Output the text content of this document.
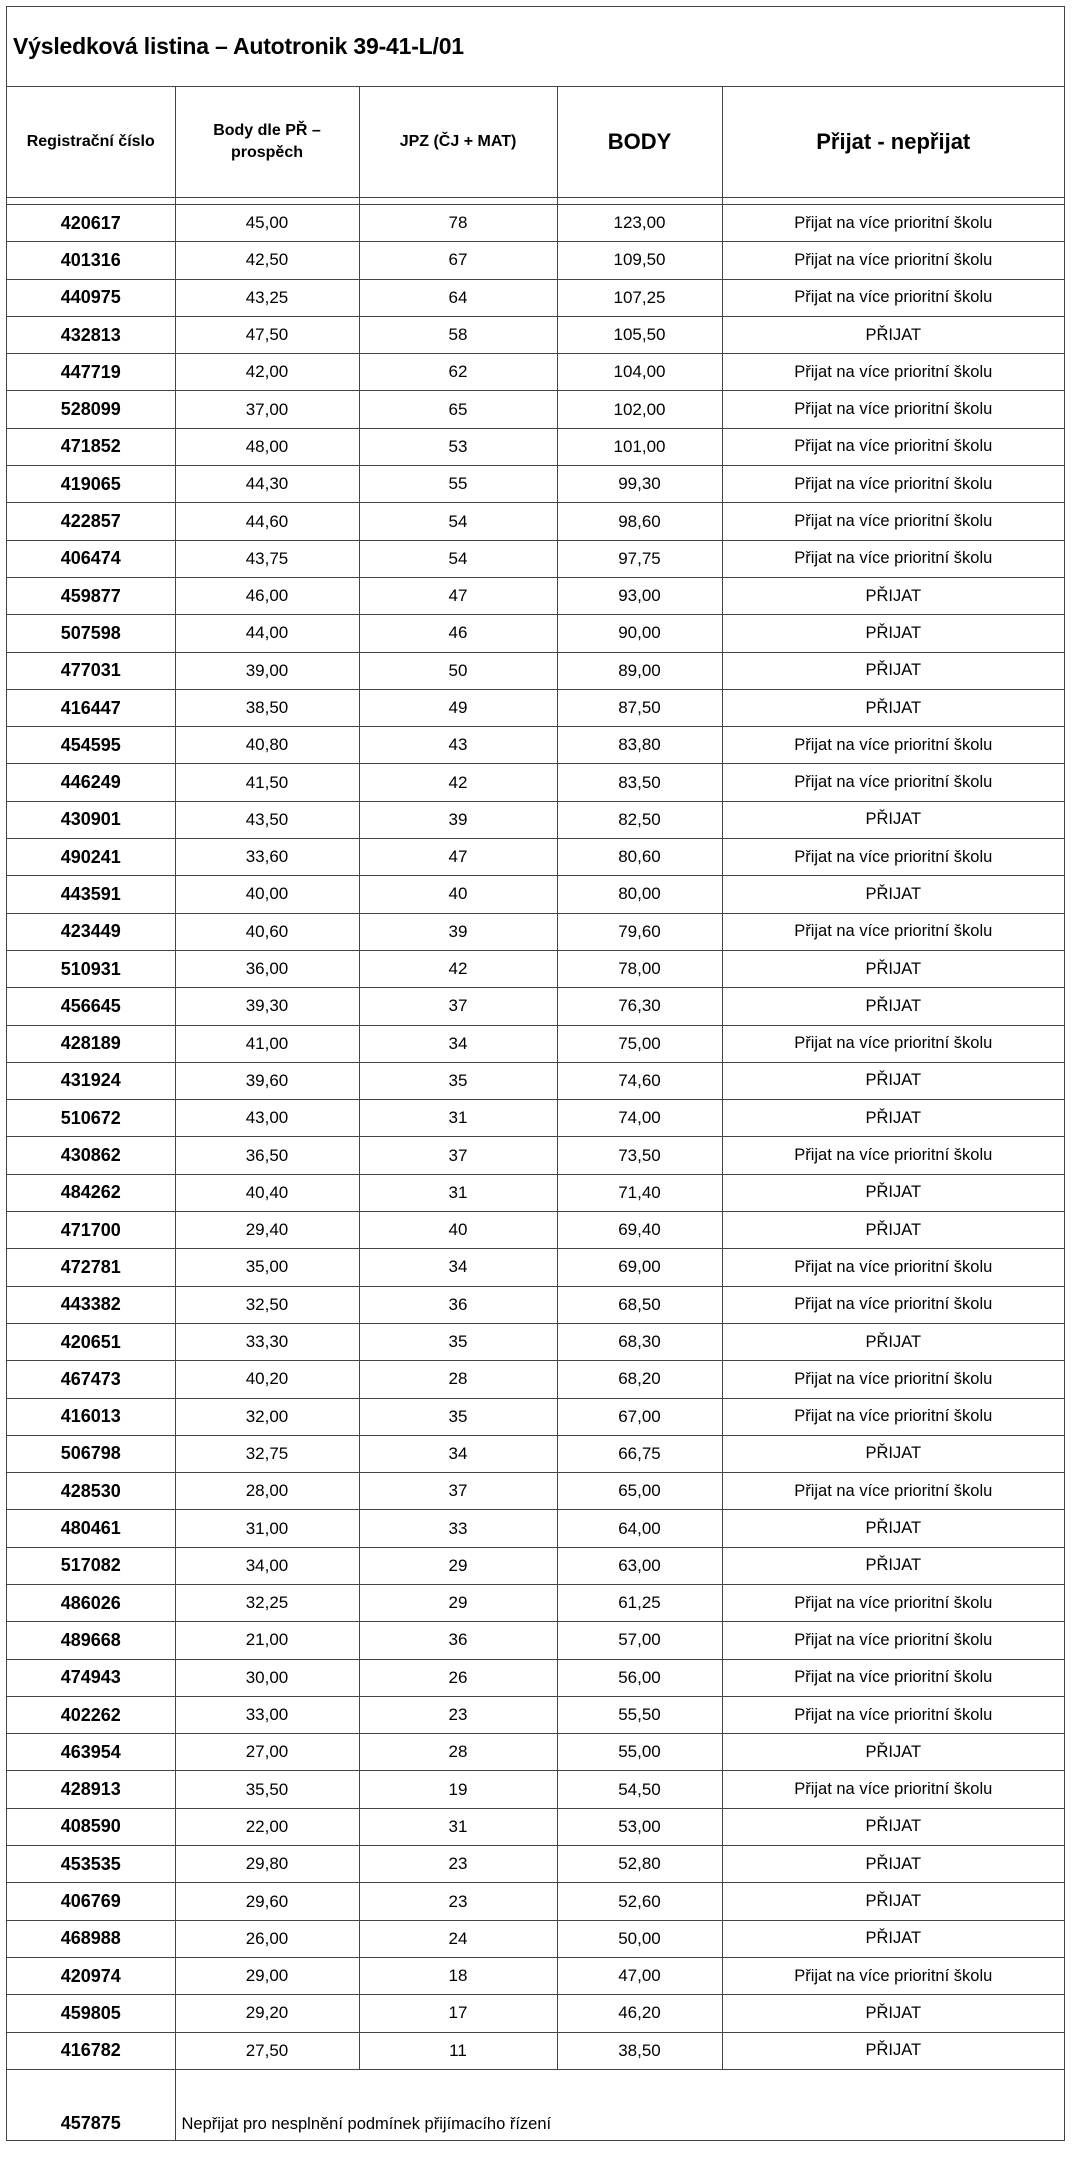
Výsledková listina – Autotronik 39-41-L/01
Registrační číslo	Body dle PŘ – prospěch	JPZ (ČJ + MAT)	BODY	Přijat - nepřijat

420617	45,00	78	123,00	Přijat na více prioritní školu
401316	42,50	67	109,50	Přijat na více prioritní školu
440975	43,25	64	107,25	Přijat na více prioritní školu
432813	47,50	58	105,50	PŘIJAT
447719	42,00	62	104,00	Přijat na více prioritní školu
528099	37,00	65	102,00	Přijat na více prioritní školu
471852	48,00	53	101,00	Přijat na více prioritní školu
419065	44,30	55	99,30	Přijat na více prioritní školu
422857	44,60	54	98,60	Přijat na více prioritní školu
406474	43,75	54	97,75	Přijat na více prioritní školu
459877	46,00	47	93,00	PŘIJAT
507598	44,00	46	90,00	PŘIJAT
477031	39,00	50	89,00	PŘIJAT
416447	38,50	49	87,50	PŘIJAT
454595	40,80	43	83,80	Přijat na více prioritní školu
446249	41,50	42	83,50	Přijat na více prioritní školu
430901	43,50	39	82,50	PŘIJAT
490241	33,60	47	80,60	Přijat na více prioritní školu
443591	40,00	40	80,00	PŘIJAT
423449	40,60	39	79,60	Přijat na více prioritní školu
510931	36,00	42	78,00	PŘIJAT
456645	39,30	37	76,30	PŘIJAT
428189	41,00	34	75,00	Přijat na více prioritní školu
431924	39,60	35	74,60	PŘIJAT
510672	43,00	31	74,00	PŘIJAT
430862	36,50	37	73,50	Přijat na více prioritní školu
484262	40,40	31	71,40	PŘIJAT
471700	29,40	40	69,40	PŘIJAT
472781	35,00	34	69,00	Přijat na více prioritní školu
443382	32,50	36	68,50	Přijat na více prioritní školu
420651	33,30	35	68,30	PŘIJAT
467473	40,20	28	68,20	Přijat na více prioritní školu
416013	32,00	35	67,00	Přijat na více prioritní školu
506798	32,75	34	66,75	PŘIJAT
428530	28,00	37	65,00	Přijat na více prioritní školu
480461	31,00	33	64,00	PŘIJAT
517082	34,00	29	63,00	PŘIJAT
486026	32,25	29	61,25	Přijat na více prioritní školu
489668	21,00	36	57,00	Přijat na více prioritní školu
474943	30,00	26	56,00	Přijat na více prioritní školu
402262	33,00	23	55,50	Přijat na více prioritní školu
463954	27,00	28	55,00	PŘIJAT
428913	35,50	19	54,50	Přijat na více prioritní školu
408590	22,00	31	53,00	PŘIJAT
453535	29,80	23	52,80	PŘIJAT
406769	29,60	23	52,60	PŘIJAT
468988	26,00	24	50,00	PŘIJAT
420974	29,00	18	47,00	Přijat na více prioritní školu
459805	29,20	17	46,20	PŘIJAT
416782	27,50	11	38,50	PŘIJAT
457875	Nepřijat pro nesplnění podmínek přijímacího řízení			
